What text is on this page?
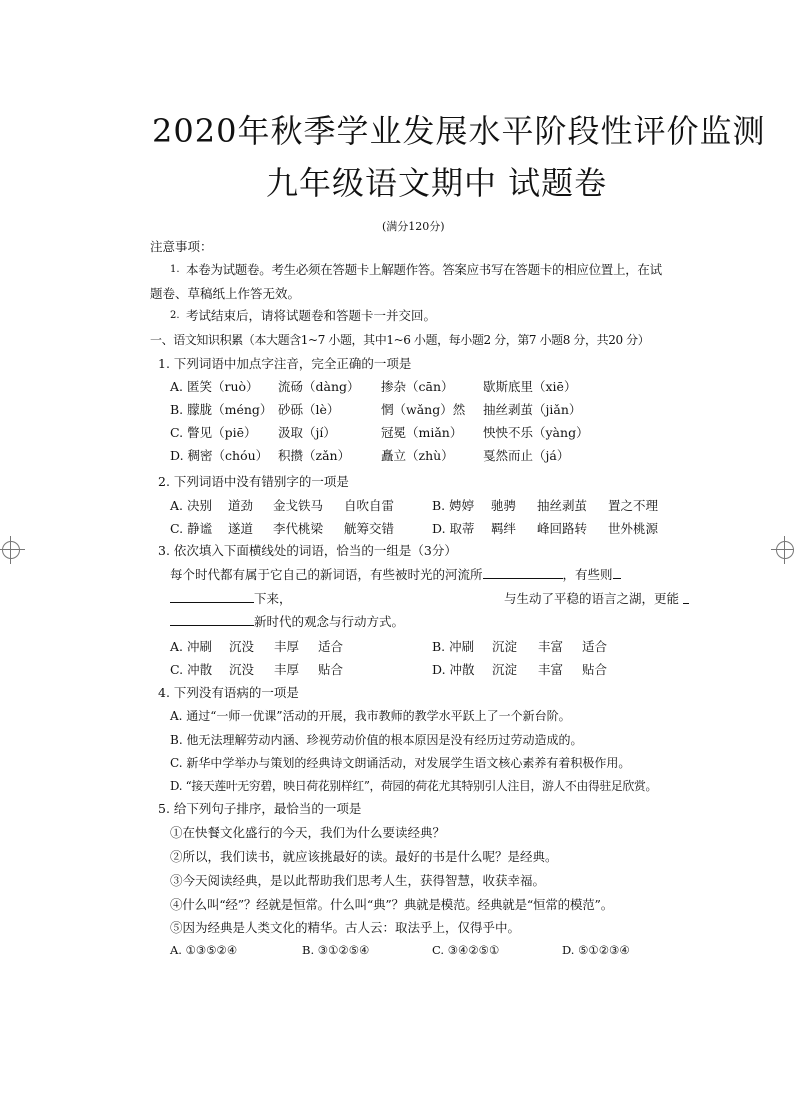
2020年秋季学业发展水平阶段性评价监测
九年级语文期中 试题卷
(满分120分)
注意事项：
1. 本卷为试题卷。考生必须在答题卡上解题作答。答案应书写在答题卡的相应位置上，在试
题卷、草稿纸上作答无效。
2. 考试结束后，请将试题卷和答题卡一并交回。
一、语文知识积累（本大题含1~7 小题，其中1~6 小题，每小题2 分，第7 小题8 分，共20 分）
1. 下列词语中加点字注音，完全正确的一项是
A. 匿笑（ruò） 流砀（dàng） 掺杂（cān） 歇斯底里（xiē）
B. 朦胧（méng） 砂砾（lè）	惘（wǎng）然 抽丝剥茧（jiǎn）
C. 瞥见（piē） 汲取（jí）	冠冕（miǎn） 怏怏不乐（yàng）
D. 稠密（chóu） 积攒（zǎn） 矗立（zhù） 戛然而止（já）
2. 下列词语中没有错别字的一项是
A. 决别 道劲 金戈铁马 自吹自雷	B. 娉婷 驰骋 抽丝剥茧 置之不理
C. 静谧 遂道 李代桃梁 觥筹交错	D. 取蒂 羁绊 峰回路转 世外桃源
3. 依次填入下面横线处的词语，恰当的一组是（3分）
每个时代都有属于它自己的新词语，有些被时光的河流所	，有些则
下来，	与生动了平稳的语言之湖，更能
新时代的观念与行动方式。
A. 冲刷 沉没 丰厚 适合	B. 冲刷 沉淀 丰富 适合
C. 冲散 沉没 丰厚 贴合	D. 冲散 沉淀 丰富 贴合
4. 下列没有语病的一项是
A. 通过“一师一优课”活动的开展，我市教师的教学水平跃上了一个新台阶。
B. 他无法理解劳动内涵、珍视劳动价值的根本原因是没有经历过劳动造成的。
C. 新华中学举办与策划的经典诗文朗诵活动，对发展学生语文核心素养有着积极作用。
D. “接天莲叶无穷碧，映日荷花别样红”，荷园的荷花尤其特别引人注目，游人不由得驻足欣赏。
5. 给下列句子排序，最恰当的一项是
①在快餐文化盛行的今天，我们为什么要读经典？
②所以，我们读书，就应该挑最好的读。最好的书是什么呢？是经典。
③今天阅读经典，是以此帮助我们思考人生，获得智慧，收获幸福。
④什么叫“经”？经就是恒常。什么叫“典”？典就是模范。经典就是“恒常的模范”。
⑤因为经典是人类文化的精华。古人云：取法乎上，仅得乎中。
A. ①③⑤②④	B. ③①②⑤④	C. ③④②⑤①	D. ⑤①②③④
